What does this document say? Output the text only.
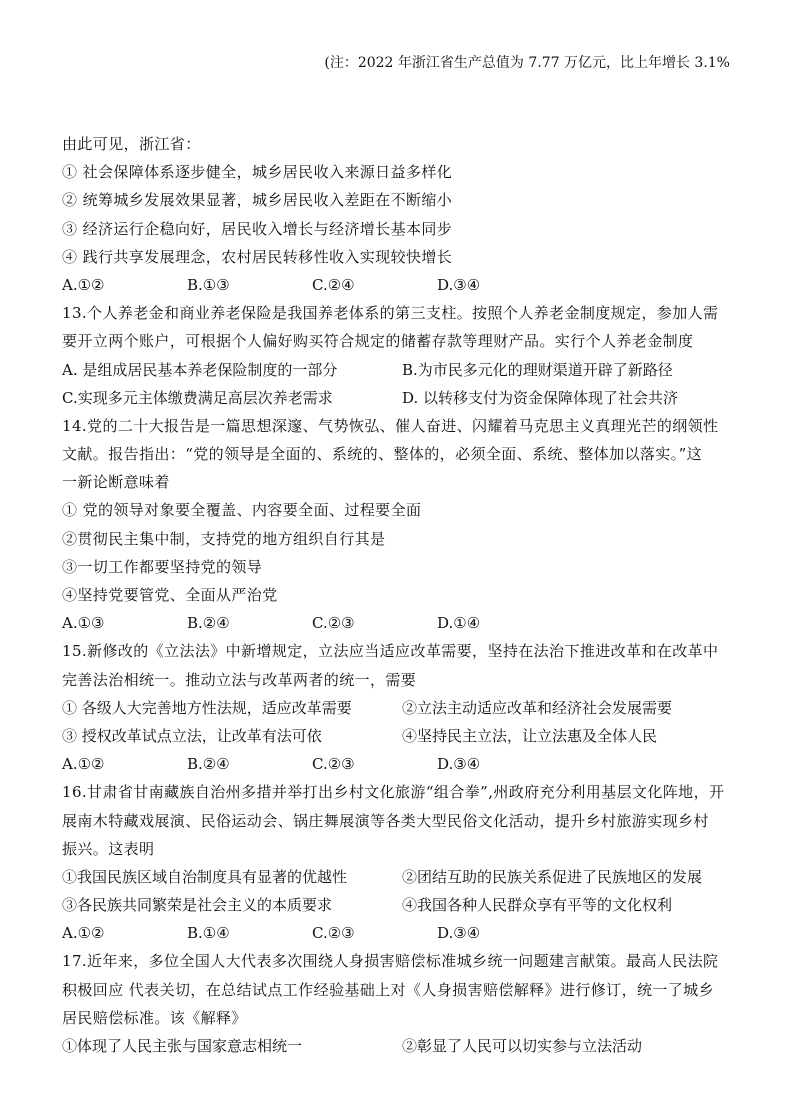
(注：2022 年浙江省生产总值为 7.77 万亿元，比上年增长 3.1%
由此可见，浙江省：
① 社会保障体系逐步健全，城乡居民收入来源日益多样化
② 统筹城乡发展效果显著，城乡居民收入差距在不断缩小
③ 经济运行企稳向好，居民收入增长与经济增长基本同步
④ 践行共享发展理念，农村居民转移性收入实现较快增长
A.①②	B.①③	C.②④	D.③④
13.个人养老金和商业养老保险是我国养老体系的第三支柱。按照个人养老金制度规定，参加人需
要开立两个账户，可根据个人偏好购买符合规定的储蓄存款等理财产品。实行个人养老金制度
A. 是组成居民基本养老保险制度的一部分	B.为市民多元化的理财渠道开辟了新路径
C.实现多元主体缴费满足高层次养老需求	D. 以转移支付为资金保障体现了社会共济
14.党的二十大报告是一篇思想深邃、气势恢弘、催人奋进、闪耀着马克思主义真理光芒的纲领性
文献。报告指出：“党的领导是全面的、系统的、整体的，必须全面、系统、整体加以落实。”这
一新论断意味着
① 党的领导对象要全覆盖、内容要全面、过程要全面
②贯彻民主集中制，支持党的地方组织自行其是
③一切工作都要坚持党的领导
④坚持党要管党、全面从严治党
A.①③	B.②④	C.②③	D.①④
15.新修改的《立法法》中新增规定，立法应当适应改革需要，坚持在法治下推进改革和在改革中
完善法治相统一。推动立法与改革两者的统一，需要
① 各级人大完善地方性法规，适应改革需要	②立法主动适应改革和经济社会发展需要
③ 授权改革试点立法，让改革有法可依	④坚持民主立法，让立法惠及全体人民
A.①②	B.②④	C.②③	D.③④
16.甘肃省甘南藏族自治州多措并举打出乡村文化旅游“组合拳”,州政府充分利用基层文化阵地，开
展南木特藏戏展演、民俗运动会、锅庄舞展演等各类大型民俗文化活动，提升乡村旅游实现乡村
振兴。这表明
①我国民族区域自治制度具有显著的优越性	②团结互助的民族关系促进了民族地区的发展
③各民族共同繁荣是社会主义的本质要求	④我国各种人民群众享有平等的文化权利
A.①②	B.①④	C.②③	D.③④
17.近年来，多位全国人大代表多次围绕人身损害赔偿标准城乡统一问题建言献策。最高人民法院
积极回应 代表关切，在总结试点工作经验基础上对《人身损害赔偿解释》进行修订，统一了城乡
居民赔偿标准。该《解释》
①体现了人民主张与国家意志相统一	②彰显了人民可以切实参与立法活动
